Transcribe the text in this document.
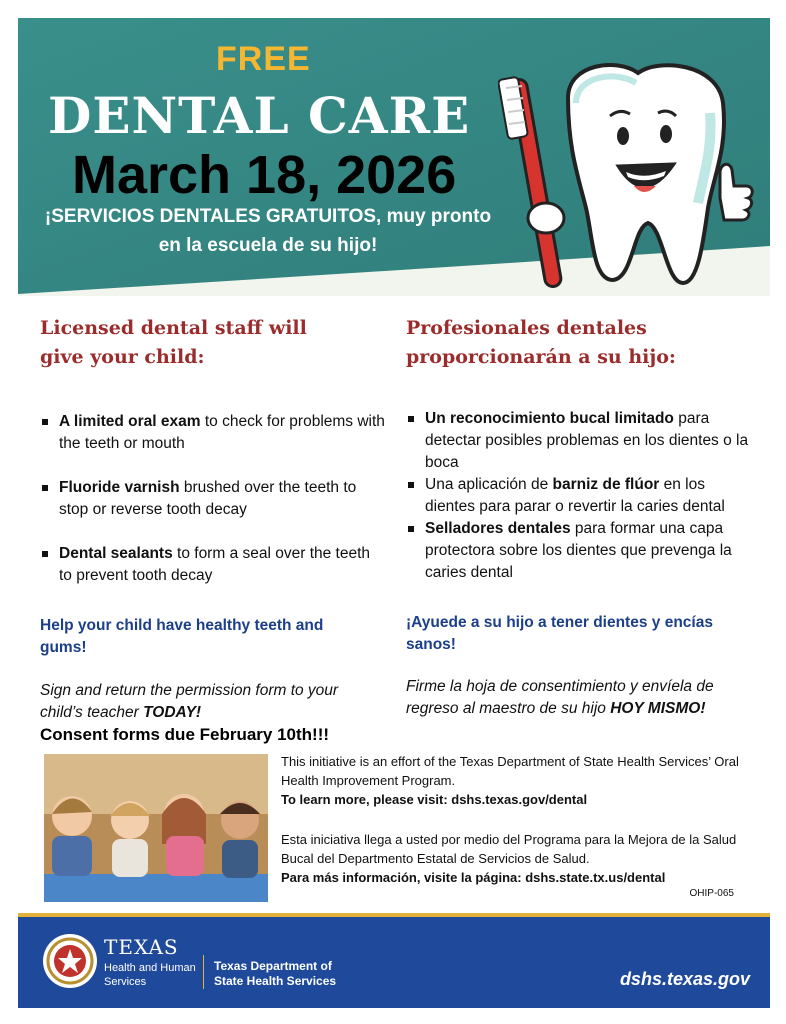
FREE
DENTAL CARE
March 18, 2026
¡SERVICIOS DENTALES GRATUITOS, muy pronto
en la escuela de su hijo!
Licensed dental staff will
give your child:
A limited oral exam to check for problems with the teeth or mouth
Fluoride varnish brushed over the teeth to stop or reverse tooth decay
Dental sealants to form a seal over the teeth to prevent tooth decay
Help your child have healthy teeth and gums!
Sign and return the permission form to your child’s teacher TODAY!
Profesionales dentales
proporcionarán a su hijo:
Un reconocimiento bucal limitado para detectar posibles problemas en los dientes o la boca
Una aplicación de barniz de flúor en los dientes para parar o revertir la caries dental
Selladores dentales para formar una capa protectora sobre los dientes que prevenga la caries dental
¡Ayuede a su hijo a tener dientes y encías sanos!
Firme la hoja de consentimiento y envíela de regreso al maestro de su hijo HOY MISMO!
Consent forms due February 10th!!!
This initiative is an effort of the Texas Department of State Health Services’ Oral Health Improvement Program.
To learn more, please visit: dshs.texas.gov/dental
Esta iniciativa llega a usted por medio del Programa para la Mejora de la Salud Bucal del Departmento Estatal de Servicios de Salud.
Para más información, visite la página: dshs.state.tx.us/dental
OHIP-065
TEXAS
Health and Human Services
Texas Department of State Health Services	dshs.texas.gov
